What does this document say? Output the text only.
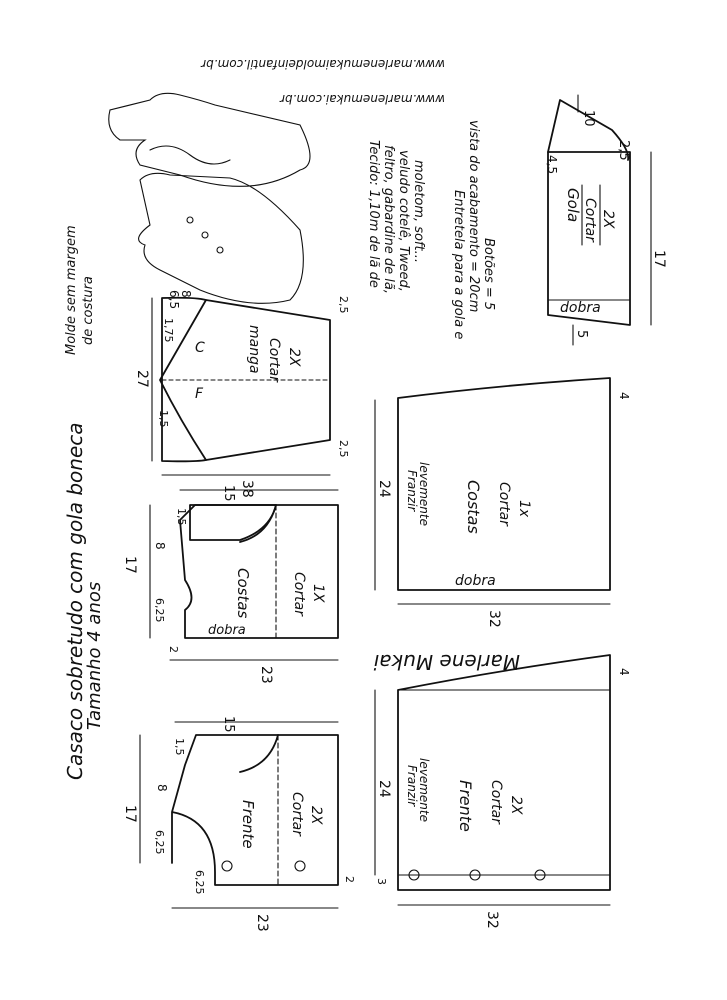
10
2,5
4,5
Gola Cortar 2X
dobra
17
5
C
F
manga Cortar 2X
38
27
8
6,5
1,75
1,5
2,5
2,5
Costas	Cortar 1X
dobra
15
17
1,5
8
6,25
2
23
Frente Cortar 2X
15
17
1,5
8
6,25
6,25	2
23
24 Franzir
levemente Costas Cortar 1x
dobra
32
4
24 Franzir
levemente Frente Cortar 2X
32
4
3
Tecido: 1,10m de lã de feltro, gabardine de lã, veludo cotelê, Tweed, moletom, soft... Entretela para a gola e vista do acabamento = 20cm Botões = 5
Casaco sobretudo com gola boneca
Tamanho 4 anos
Molde sem margem de costura
www.marlenemukaimoldeinfantil.com.br
www.marlenemukai.com.br
Marlene Mukai
